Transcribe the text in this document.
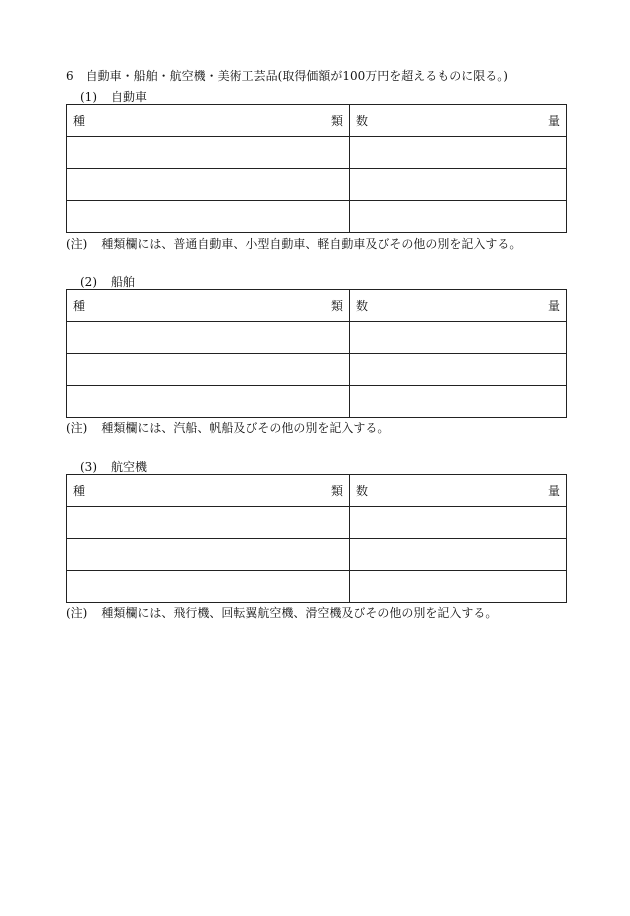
6 自動車・船舶・航空機・美術工芸品(取得価額が100万円を超えるものに限る。)
(1) 自動車
種 類	数 量

(注) 種類欄には、普通自動車、小型自動車、軽自動車及びその他の別を記入する。
(2) 船舶
種 類	数 量

(注) 種類欄には、汽船、帆船及びその他の別を記入する。
(3) 航空機
種 類	数 量

(注) 種類欄には、飛行機、回転翼航空機、滑空機及びその他の別を記入する。
